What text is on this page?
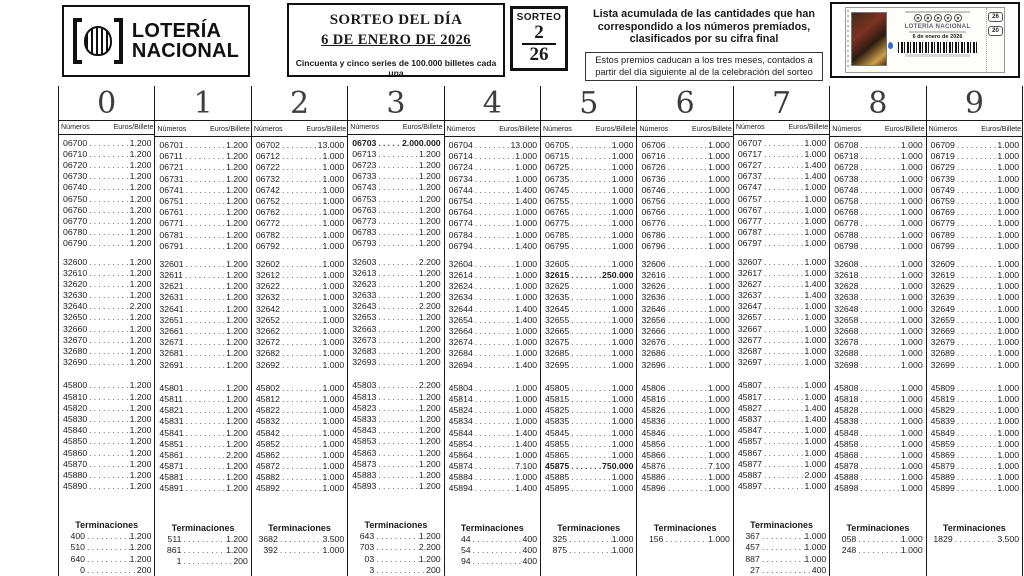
LOTERÍA
NACIONAL
SORTEO DEL DÍA
6 DE ENERO DE 2026
Cincuenta y cinco series de 100.000 billetes cada una
SORTEO
2
26
Lista acumulada de las cantidades que han correspondido a los números premiados, clasificados por su cifra final
Estos premios caducan a los tres meses, contados a partir del día siguiente al de la celebración del sorteo
LOTERÍA NACIONAL
6 de enero de 2026
26
20
0
Números	Euros/Billete
06700 .....	1.200
06710 .....	1.200
06720 .....	1.200
06730 .....	1.200
06740 .....	1.200
06750 .....	1.200
06760 .....	1.200
06770 .....	1.200
06780 .....	1.200
06790 .....	1.200
32600 .....	1.200
32610 .....	1.200
32620 .....	1.200
32630 .....	1.200
32640 .....	2.200
32650 .....	1.200
32660 .....	1.200
32670 .....	1.200
32680 .....	1.200
32690 .....	1.200
45800 .....	1.200
45810 .....	1.200
45820 .....	1.200
45830 .....	1.200
45840 .....	1.200
45850 .....	1.200
45860 .....	1.200
45870 .....	1.200
45880 .....	1.200
45890 .....	1.200
Terminaciones
400 .....	1.200
510 .....	1.200
640 .....	1.200
0 .....	200
1
Números	Euros/Billete
06701 .....	1.200
06711 .....	1.200
06721 .....	1.200
06731 .....	1.200
06741 .....	1.200
06751 .....	1.200
06761 .....	1.200
06771 .....	1.200
06781 .....	1.200
06791 .....	1.200
32601 .....	1.200
32611 .....	1.200
32621 .....	1.200
32631 .....	1.200
32641 .....	1.200
32651 .....	1.200
32661 .....	1.200
32671 .....	1.200
32681 .....	1.200
32691 .....	1.200
45801 .....	1.200
45811 .....	1.200
45821 .....	1.200
45831 .....	1.200
45841 .....	1.200
45851 .....	1.200
45861 .....	2.200
45871 .....	1.200
45881 .....	1.200
45891 .....	1.200
Terminaciones
511 .....	1.200
861 .....	1.200
1 .....	200
2
Números	Euros/Billete
06702 .....	13.000
06712 .....	1.000
06722 .....	1.000
06732 .....	1.000
06742 .....	1.000
06752 .....	1.000
06762 .....	1.000
06772 .....	1.000
06782 .....	1.000
06792 .....	1.000
32602 .....	1.000
32612 .....	1.000
32622 .....	1.000
32632 .....	1.000
32642 .....	1.000
32652 .....	1.000
32662 .....	1.000
32672 .....	1.000
32682 .....	1.000
32692 .....	1.000
45802 .....	1.000
45812 .....	1.000
45822 .....	1.000
45832 .....	1.000
45842 .....	1.000
45852 .....	1.000
45862 .....	1.000
45872 .....	1.000
45882 .....	1.000
45892 .....	1.000
Terminaciones
3682 .....	3.500
392 .....	1.000
3
Números	Euros/Billete
06703 .....	2.000.000
06713 .....	1.200
06723 .....	1.200
06733 .....	1.200
06743 .....	1.200
06753 .....	1.200
06763 .....	1.200
06773 .....	1.200
06783 .....	1.200
06793 .....	1.200
32603 .....	2.200
32613 .....	1.200
32623 .....	1.200
32633 .....	1.200
32643 .....	2.200
32653 .....	1.200
32663 .....	1.200
32673 .....	1.200
32683 .....	1.200
32693 .....	1.200
45803 .....	2.200
45813 .....	1.200
45823 .....	1.200
45833 .....	1.200
45843 .....	1.200
45853 .....	1.200
45863 .....	1.200
45873 .....	1.200
45883 .....	1.200
45893 .....	1.200
Terminaciones
643 .....	1.200
703 .....	2.200
03 .....	1.200
3 .....	200
4
Números	Euros/Billete
06704 .....	13.000
06714 .....	1.000
06724 .....	1.000
06734 .....	1.000
06744 .....	1.400
06754 .....	1.400
06764 .....	1.000
06774 .....	1.000
06784 .....	1.000
06794 .....	1.400
32604 .....	1.000
32614 .....	1.000
32624 .....	1.000
32634 .....	1.000
32644 .....	1.400
32654 .....	1.400
32664 .....	1.000
32674 .....	1.000
32684 .....	1.000
32694 .....	1.400
45804 .....	1.000
45814 .....	1.000
45824 .....	1.000
45834 .....	1.000
45844 .....	1.400
45854 .....	1.400
45864 .....	1.000
45874 .....	7.100
45884 .....	1.000
45894 .....	1.400
Terminaciones
44 .....	400
54 .....	400
94 .....	400
5
Números	Euros/Billete
06705 .....	1.000
06715 .....	1.000
06725 .....	1.000
06735 .....	1.000
06745 .....	1.000
06755 .....	1.000
06765 .....	1.000
06775 .....	1.000
06785 .....	1.000
06795 .....	1.000
32605 .....	1.000
32615 .....	250.000
32625 .....	1.000
32635 .....	1.000
32645 .....	1.000
32655 .....	1.000
32665 .....	1.000
32675 .....	1.000
32685 .....	1.000
32695 .....	1.000
45805 .....	1.000
45815 .....	1.000
45825 .....	1.000
45835 .....	1.000
45845 .....	1.000
45855 .....	1.000
45865 .....	1.000
45875 .....	750.000
45885 .....	1.000
45895 .....	1.000
Terminaciones
325 .....	1.000
875 .....	1.000
6
Números	Euros/Billete
06706 .....	1.000
06716 .....	1.000
06726 .....	1.000
06736 .....	1.000
06746 .....	1.000
06756 .....	1.000
06766 .....	1.000
06776 .....	1.000
06786 .....	1.000
06796 .....	1.000
32606 .....	1.000
32616 .....	1.000
32626 .....	1.000
32636 .....	1.000
32646 .....	1.000
32656 .....	1.000
32666 .....	1.000
32676 .....	1.000
32686 .....	1.000
32696 .....	1.000
45806 .....	1.000
45816 .....	1.000
45826 .....	1.000
45836 .....	1.000
45846 .....	1.000
45856 .....	1.000
45866 .....	1.000
45876 .....	7.100
45886 .....	1.000
45896 .....	1.000
Terminaciones
156 .....	1.000
7
Números	Euros/Billete
06707 .....	1.000
06717 .....	1.000
06727 .....	1.400
06737 .....	1.400
06747 .....	1.000
06757 .....	1.000
06767 .....	1.000
06777 .....	1.000
06787 .....	1.000
06797 .....	1.000
32607 .....	1.000
32617 .....	1.000
32627 .....	1.400
32637 .....	1.400
32647 .....	1.000
32657 .....	1.000
32667 .....	1.000
32677 .....	1.000
32687 .....	1.000
32697 .....	1.000
45807 .....	1.000
45817 .....	1.000
45827 .....	1.400
45837 .....	1.400
45847 .....	1.000
45857 .....	1.000
45867 .....	1.000
45877 .....	1.000
45887 .....	2.000
45897 .....	1.000
Terminaciones
367 .....	1.000
457 .....	1.000
887 .....	1.000
27 .....	400
8
Números	Euros/Billete
06708 .....	1.000
06718 .....	1.000
06728 .....	1.000
06738 .....	1.000
06748 .....	1.000
06758 .....	1.000
06768 .....	1.000
06778 .....	1.000
06788 .....	1.000
06798 .....	1.000
32608 .....	1.000
32618 .....	1.000
32628 .....	1.000
32638 .....	1.000
32648 .....	1.000
32658 .....	1.000
32668 .....	1.000
32678 .....	1.000
32688 .....	1.000
32698 .....	1.000
45808 .....	1.000
45818 .....	1.000
45828 .....	1.000
45838 .....	1.000
45848 .....	1.000
45858 .....	1.000
45868 .....	1.000
45878 .....	1.000
45888 .....	1.000
45898 .....	1.000
Terminaciones
058 .....	1.000
248 .....	1.000
9
Números	Euros/Billete
06709 .....	1.000
06719 .....	1.000
06729 .....	1.000
06739 .....	1.000
06749 .....	1.000
06759 .....	1.000
06769 .....	1.000
06779 .....	1.000
06789 .....	1.000
06799 .....	1.000
32609 .....	1.000
32619 .....	1.000
32629 .....	1.000
32639 .....	1.000
32649 .....	1.000
32659 .....	1.000
32669 .....	1.000
32679 .....	1.000
32689 .....	1.000
32699 .....	1.000
45809 .....	1.000
45819 .....	1.000
45829 .....	1.000
45839 .....	1.000
45849 .....	1.000
45859 .....	1.000
45869 .....	1.000
45879 .....	1.000
45889 .....	1.000
45899 .....	1.000
Terminaciones
1829 .....	3.500
